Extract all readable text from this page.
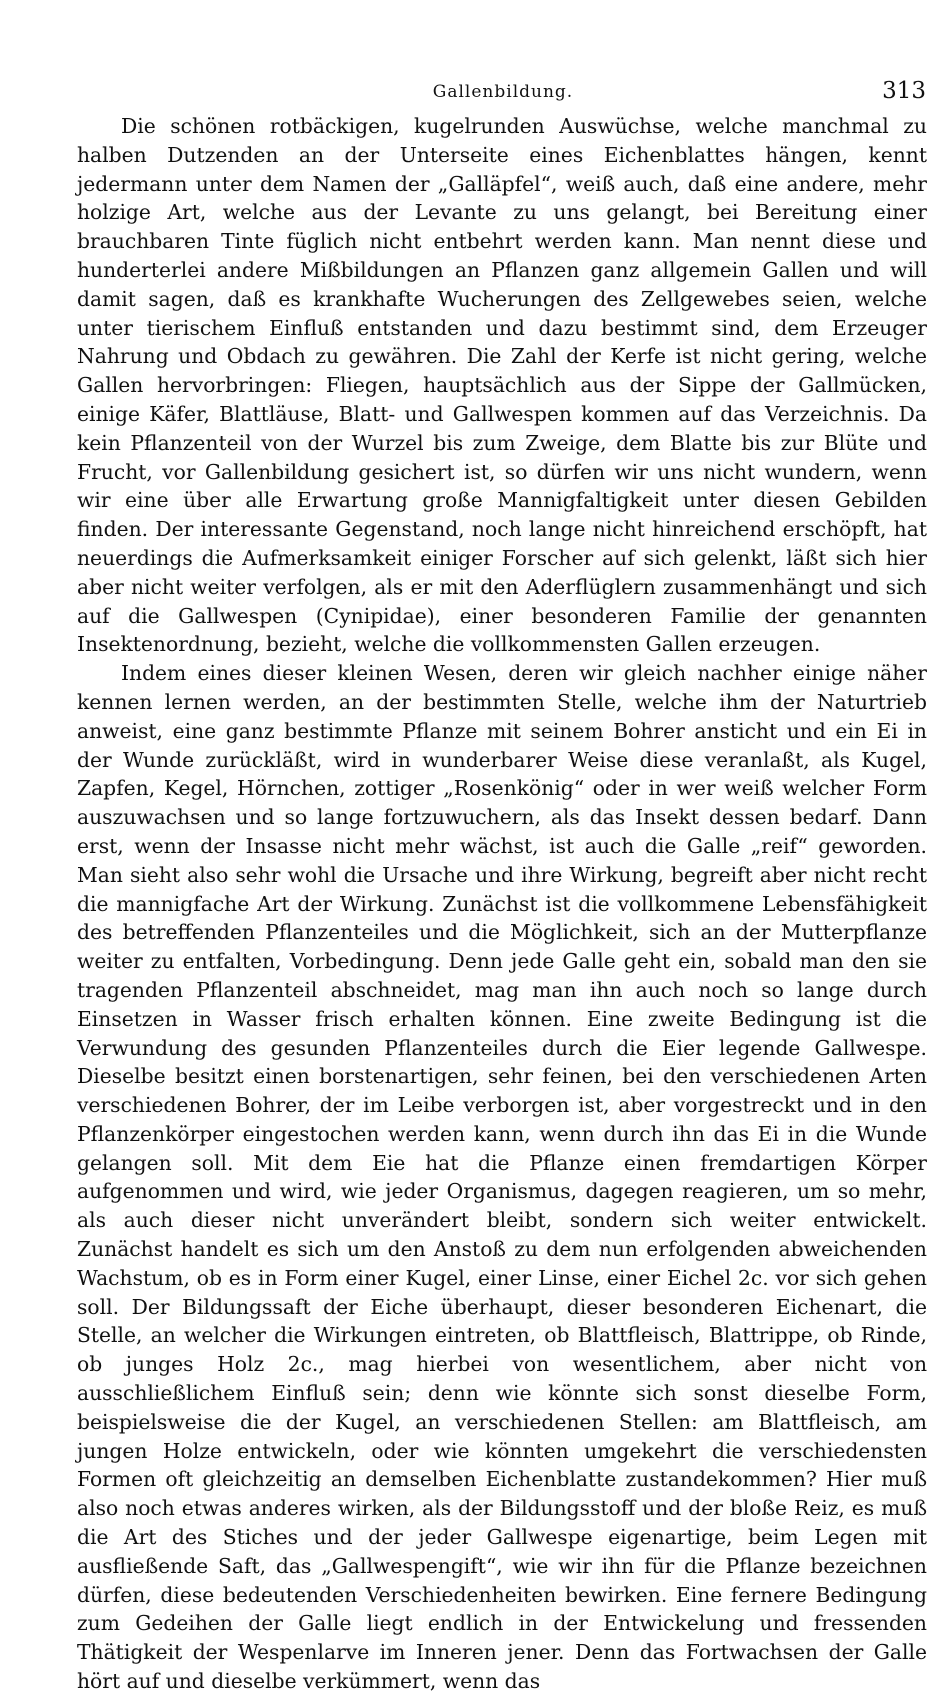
Gallenbildung.	313

Die schönen rotbäckigen, kugelrunden Auswüchse, welche manchmal zu halben Dutzenden an der Unterseite eines Eichenblattes hängen, kennt jedermann unter dem Namen der „Galläpfel“, weiß auch, daß eine andere, mehr holzige Art, welche aus der Levante zu uns gelangt, bei Bereitung einer brauchbaren Tinte füglich nicht entbehrt werden kann. Man nennt diese und hunderterlei andere Mißbildungen an Pflanzen ganz allgemein Gallen und will damit sagen, daß es krankhafte Wucherungen des Zellgewebes seien, welche unter tierischem Einfluß entstanden und dazu bestimmt sind, dem Erzeuger Nahrung und Obdach zu gewähren. Die Zahl der Kerfe ist nicht gering, welche Gallen hervorbringen: Fliegen, hauptsächlich aus der Sippe der Gallmücken, einige Käfer, Blattläuse, Blatt- und Gallwespen kommen auf das Verzeichnis. Da kein Pflanzenteil von der Wurzel bis zum Zweige, dem Blatte bis zur Blüte und Frucht, vor Gallenbildung gesichert ist, so dürfen wir uns nicht wundern, wenn wir eine über alle Erwartung große Mannigfaltigkeit unter diesen Gebilden finden. Der interessante Gegenstand, noch lange nicht hinreichend erschöpft, hat neuerdings die Aufmerksamkeit einiger Forscher auf sich gelenkt, läßt sich hier aber nicht weiter verfolgen, als er mit den Aderflüglern zusammenhängt und sich auf die Gallwespen (Cynipidae), einer besonderen Familie der genannten Insektenordnung, bezieht, welche die vollkommensten Gallen erzeugen.

Indem eines dieser kleinen Wesen, deren wir gleich nachher einige näher kennen lernen werden, an der bestimmten Stelle, welche ihm der Naturtrieb anweist, eine ganz bestimmte Pflanze mit seinem Bohrer ansticht und ein Ei in der Wunde zurückläßt, wird in wunderbarer Weise diese veranlaßt, als Kugel, Zapfen, Kegel, Hörnchen, zottiger „Rosenkönig“ oder in wer weiß welcher Form auszuwachsen und so lange fortzuwuchern, als das Insekt dessen bedarf. Dann erst, wenn der Insasse nicht mehr wächst, ist auch die Galle „reif“ geworden. Man sieht also sehr wohl die Ursache und ihre Wirkung, begreift aber nicht recht die mannigfache Art der Wirkung. Zunächst ist die vollkommene Lebensfähigkeit des betreffenden Pflanzenteiles und die Möglichkeit, sich an der Mutterpflanze weiter zu entfalten, Vorbedingung. Denn jede Galle geht ein, sobald man den sie tragenden Pflanzenteil abschneidet, mag man ihn auch noch so lange durch Einsetzen in Wasser frisch erhalten können. Eine zweite Bedingung ist die Verwundung des gesunden Pflanzenteiles durch die Eier legende Gallwespe. Dieselbe besitzt einen borstenartigen, sehr feinen, bei den verschiedenen Arten verschiedenen Bohrer, der im Leibe verborgen ist, aber vorgestreckt und in den Pflanzenkörper eingestochen werden kann, wenn durch ihn das Ei in die Wunde gelangen soll. Mit dem Eie hat die Pflanze einen fremdartigen Körper aufgenommen und wird, wie jeder Organismus, dagegen reagieren, um so mehr, als auch dieser nicht unverändert bleibt, sondern sich weiter entwickelt. Zunächst handelt es sich um den Anstoß zu dem nun erfolgenden abweichenden Wachstum, ob es in Form einer Kugel, einer Linse, einer Eichel 2c. vor sich gehen soll. Der Bildungssaft der Eiche überhaupt, dieser besonderen Eichenart, die Stelle, an welcher die Wirkungen eintreten, ob Blattfleisch, Blattrippe, ob Rinde, ob junges Holz 2c., mag hierbei von wesentlichem, aber nicht von ausschließlichem Einfluß sein; denn wie könnte sich sonst dieselbe Form, beispielsweise die der Kugel, an verschiedenen Stellen: am Blattfleisch, am jungen Holze entwickeln, oder wie könnten umgekehrt die verschiedensten Formen oft gleichzeitig an demselben Eichenblatte zustandekommen? Hier muß also noch etwas anderes wirken, als der Bildungsstoff und der bloße Reiz, es muß die Art des Stiches und der jeder Gallwespe eigenartige, beim Legen mit ausfließende Saft, das „Gallwespengift“, wie wir ihn für die Pflanze bezeichnen dürfen, diese bedeutenden Verschiedenheiten bewirken. Eine fernere Bedingung zum Gedeihen der Galle liegt endlich in der Entwickelung und fressenden Thätigkeit der Wespenlarve im Inneren jener. Denn das Fortwachsen der Galle hört auf und dieselbe verkümmert, wenn das
